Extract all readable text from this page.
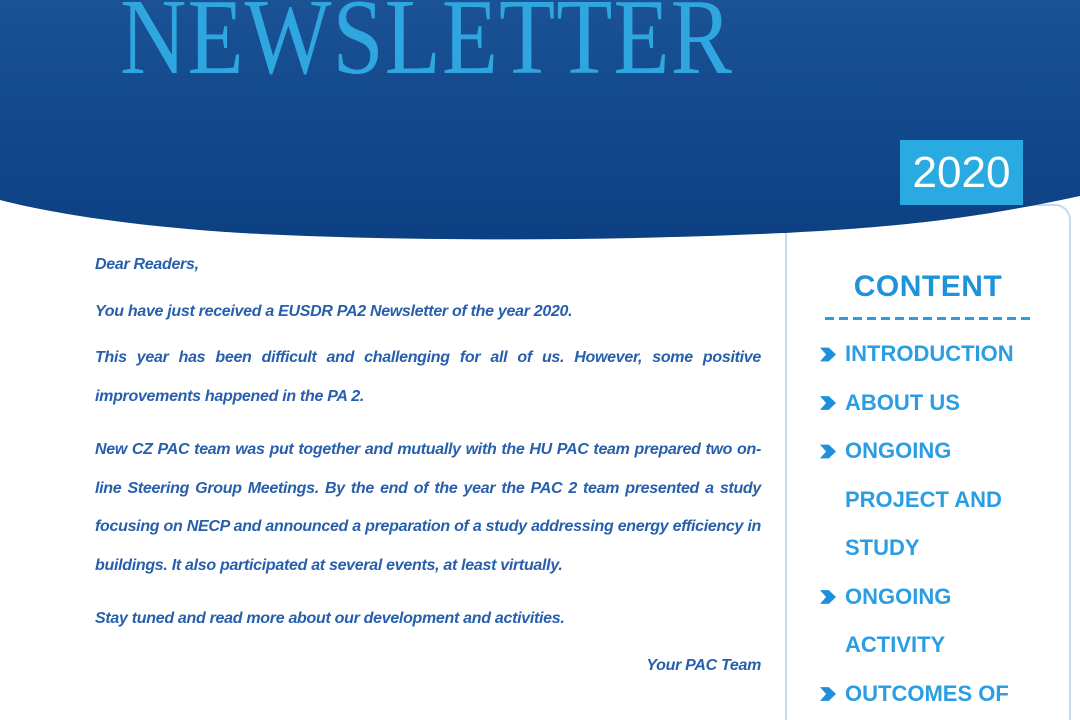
CONTENT
INTRODUCTION
ABOUT US
ONGOING PROJECT AND STUDY
ONGOING ACTIVITY
OUTCOMES OF
NEWSLETTER
2020

Dear Readers,

You have just received a EUSDR PA2 Newsletter of the year 2020.

This year has been difficult and challenging for all of us. However, some positive improvements happened in the PA 2.

New CZ PAC team was put together and mutually with the HU PAC team prepared two on-line Steering Group Meetings. By the end of the year the PAC 2 team presented a study focusing on NECP and announced a preparation of a study addressing energy efficiency in buildings. It also participated at several events, at least virtually.

Stay tuned and read more about our development and activities.

Your PAC Team
